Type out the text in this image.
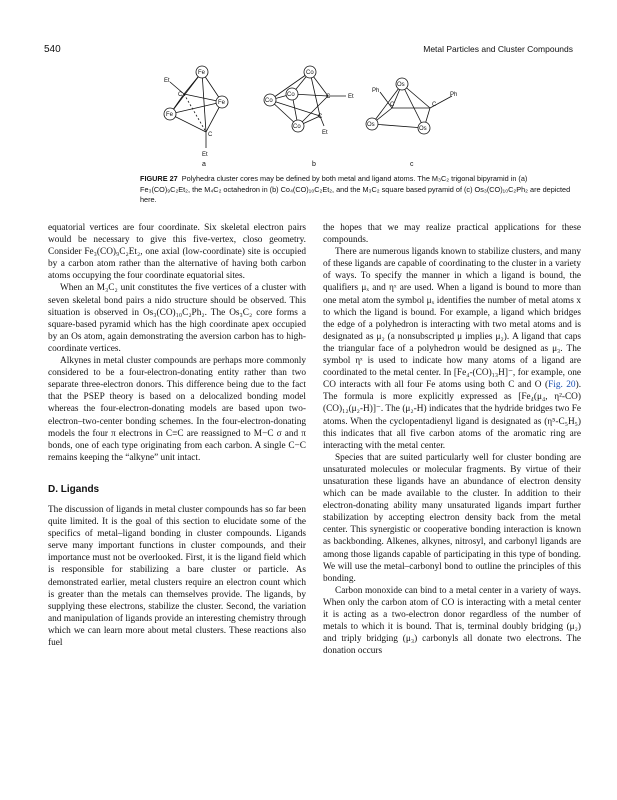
540	Metal Particles and Cluster Compounds
Fe
Et
C
Fe
Fe
C
Et
Co
Co
Co	C	Et
Co
C
Et
Os
Ph
Ph
C	C
Os
Os
a	b	c
FIGURE 27 Polyhedra cluster cores may be defined by both metal and ligand atoms. The M₃C₂ trigonal bipyramid in (a) Fe₃(CO)₉C₂Et₂, the M₄C₂ octahedron in (b) Co₄(CO)₁₀C₂Et₂, and the M₃C₂ square based pyramid of (c) Os₃(CO)₁₀C₂Ph₂ are depicted here.

equatorial vertices are four coordinate. Six skeletal electron pairs would be necessary to give this five-vertex, closo geometry. Consider Fe₃(CO)₉C₂Et₂, one axial (low-coordinate) site is occupied by a carbon atom rather than the alternative of having both carbon atoms occupying the four coordinate equatorial sites.

When an M₃C₂ unit constitutes the five vertices of a cluster with seven skeletal bond pairs a nido structure should be observed. This situation is observed in Os₃(CO)₁₀C₂Ph₂. The Os₃C₂ core forms a square-based pyramid which has the high coordinate apex occupied by an Os atom, again demonstrating the aversion carbon has to high-coordinate vertices.

Alkynes in metal cluster compounds are perhaps more commonly considered to be a four-electron-donating entity rather than two separate three-electron donors. This difference being due to the fact that the PSEP theory is based on a delocalized bonding model whereas the four-electron-donating models are based upon two-electron–two-center bonding schemes. In the four-electron-donating models the four π electrons in C≡C are reassigned to M−C σ and π bonds, one of each type originating from each carbon. A single C−C remains keeping the “alkyne” unit intact.

D. Ligands

The discussion of ligands in metal cluster compounds has so far been quite limited. It is the goal of this section to elucidate some of the specifics of metal–ligand bonding in cluster compounds. Ligands serve many important functions in cluster compounds, and their importance must not be overlooked. First, it is the ligand field which is responsible for stabilizing a bare cluster or particle. As demonstrated earlier, metal clusters require an electron count which is greater than the metals can themselves provide. The ligands, by supplying these electrons, stabilize the cluster. Second, the variation and manipulation of ligands provide an interesting chemistry through which we can learn more about metal clusters. These reactions also fuel

the hopes that we may realize practical applications for these compounds.

There are numerous ligands known to stabilize clusters, and many of these ligands are capable of coordinating to the cluster in a variety of ways. To specify the manner in which a ligand is bound, the qualifiers μₓ and ηˣ are used. When a ligand is bound to more than one metal atom the symbol μₓ identifies the number of metal atoms x to which the ligand is bound. For example, a ligand which bridges the edge of a polyhedron is interacting with two metal atoms and is designated as μ₂ (a nonsubscripted μ implies μ₂). A ligand that caps the triangular face of a polyhedron would be designed as μ₃. The symbol ηˣ is used to indicate how many atoms of a ligand are coordinated to the metal center. In [Fe₄-(CO)₁₃H]⁻, for example, one CO interacts with all four Fe atoms using both C and O (Fig. 20). The formula is more explicitly expressed as [Fe₄(μ₄, η²-CO)(CO)₁₂(μ₂-H)]⁻. The (μ₂-H) indicates that the hydride bridges two Fe atoms. When the cyclopentadienyl ligand is designated as (η⁵-C₅H₅) this indicates that all five carbon atoms of the aromatic ring are interacting with the metal center.

Species that are suited particularly well for cluster bonding are unsaturated molecules or molecular fragments. By virtue of their unsaturation these ligands have an abundance of electron density which can be made available to the cluster. In addition to their electron-donating ability many unsaturated ligands impart further stabilization by accepting electron density back from the metal center. This synergistic or cooperative bonding interaction is known as backbonding. Alkenes, alkynes, nitrosyl, and carbonyl ligands are among those ligands capable of participating in this type of bonding. We will use the metal–carbonyl bond to outline the principles of this bonding.

Carbon monoxide can bind to a metal center in a variety of ways. When only the carbon atom of CO is interacting with a metal center it is acting as a two-electron donor regardless of the number of metals to which it is bound. That is, terminal doubly bridging (μ₂) and triply bridging (μ₃) carbonyls all donate two electrons. The donation occurs
